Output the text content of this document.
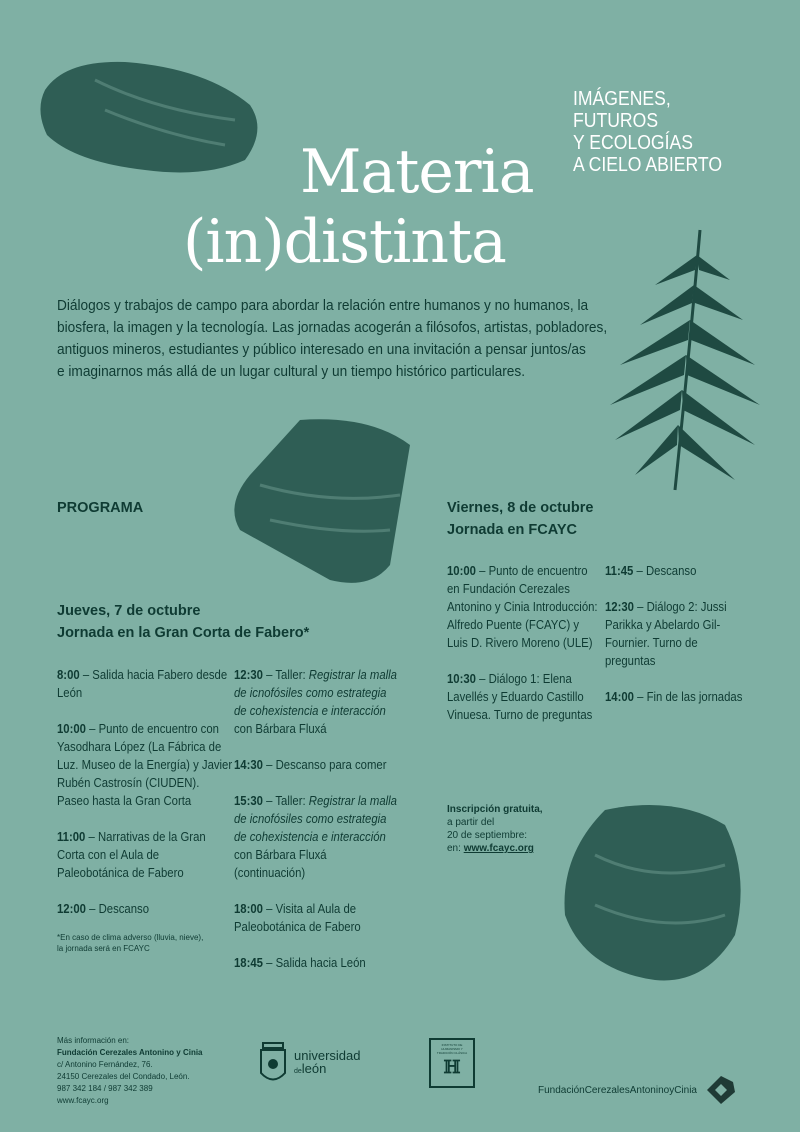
Materia
(in)distinta
IMÁGENES,
FUTUROS
Y ECOLOGÍAS
A CIELO ABIERTO
Diálogos y trabajos de campo para abordar la relación entre humanos y no humanos, la
biosfera, la imagen y la tecnología. Las jornadas acogerán a filósofos, artistas, pobladores,
antiguos mineros, estudiantes y público interesado en una invitación a pensar juntos/as
e imaginarnos más allá de un lugar cultural y un tiempo histórico particulares.
PROGRAMA
Jueves, 7 de octubre
Jornada en la Gran Corta de Fabero*
8:00 – Salida hacia Fabero desde León
10:00 – Punto de encuentro con Yasodhara López (La Fábrica de Luz. Museo de la Energía) y Javier Rubén Castrosín (CIUDEN). Paseo hasta la Gran Corta
11:00 – Narrativas de la Gran Corta con el Aula de Paleobotánica de Fabero
12:00 – Descanso
*En caso de clima adverso (lluvia, nieve),
la jornada será en FCAYC
12:30 – Taller: Registrar la malla de icnofósiles como estrategia de cohexistencia e interacción con Bárbara Fluxá
14:30 – Descanso para comer
15:30 – Taller: Registrar la malla de icnofósiles como estrategia de cohexistencia e interacción con Bárbara Fluxá (continuación)
18:00 – Visita al Aula de Paleobotánica de Fabero
18:45 – Salida hacia León
Viernes, 8 de octubre
Jornada en FCAYC
10:00 – Punto de encuentro en Fundación Cerezales Antonino y Cinia Introducción: Alfredo Puente (FCAYC) y Luis D. Rivero Moreno (ULE)
10:30 – Diálogo 1: Elena Lavellés y Eduardo Castillo Vinuesa. Turno de preguntas
11:45 – Descanso
12:30 – Diálogo 2: Jussi Parikka y Abelardo Gil-Fournier. Turno de preguntas
14:00 – Fin de las jornadas
Inscripción gratuita,
a partir del
20 de septiembre:
en: www.fcayc.org
Más información en:
Fundación Cerezales Antonino y Cinia
c/ Antonino Fernández, 76.
24150 Cerezales del Condado, León.
987 342 184 / 987 342 389
www.fcayc.org
universidad
deleón
INSTITUTO DE HUMANISMO Y TRADICIÓN CLÁSICA
ℍ
FundaciónCerezalesAntoninoyCinia
